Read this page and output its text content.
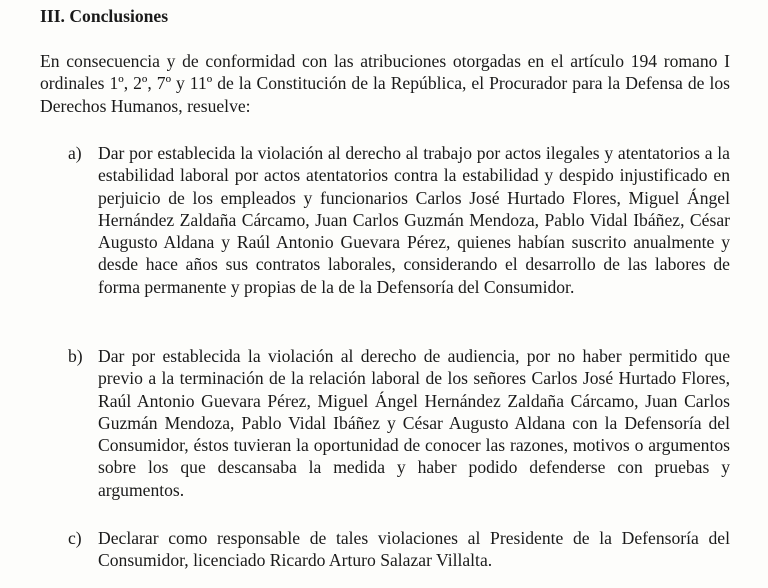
III. Conclusiones

En consecuencia y de conformidad con las atribuciones otorgadas en el artículo 194 romano I ordinales 1º, 2º, 7º y 11º de la Constitución de la República, el Procurador para la Defensa de los Derechos Humanos, resuelve:

a) Dar por establecida la violación al derecho al trabajo por actos ilegales y atentatorios a la estabilidad laboral por actos atentatorios contra la estabilidad y despido injustificado en perjuicio de los empleados y funcionarios Carlos José Hurtado Flores, Miguel Ángel Hernández Zaldaña Cárcamo, Juan Carlos Guzmán Mendoza, Pablo Vidal Ibáñez, César Augusto Aldana y Raúl Antonio Guevara Pérez, quienes habían suscrito anualmente y desde hace años sus contratos laborales, considerando el desarrollo de las labores de forma permanente y propias de la de la Defensoría del Consumidor.

b) Dar por establecida la violación al derecho de audiencia, por no haber permitido que previo a la terminación de la relación laboral de los señores Carlos José Hurtado Flores, Raúl Antonio Guevara Pérez, Miguel Ángel Hernández Zaldaña Cárcamo, Juan Carlos Guzmán Mendoza, Pablo Vidal Ibáñez y César Augusto Aldana con la Defensoría del Consumidor, éstos tuvieran la oportunidad de conocer las razones, motivos o argumentos sobre los que descansaba la medida y haber podido defenderse con pruebas y argumentos.

c) Declarar como responsable de tales violaciones al Presidente de la Defensoría del Consumidor, licenciado Ricardo Arturo Salazar Villalta.
